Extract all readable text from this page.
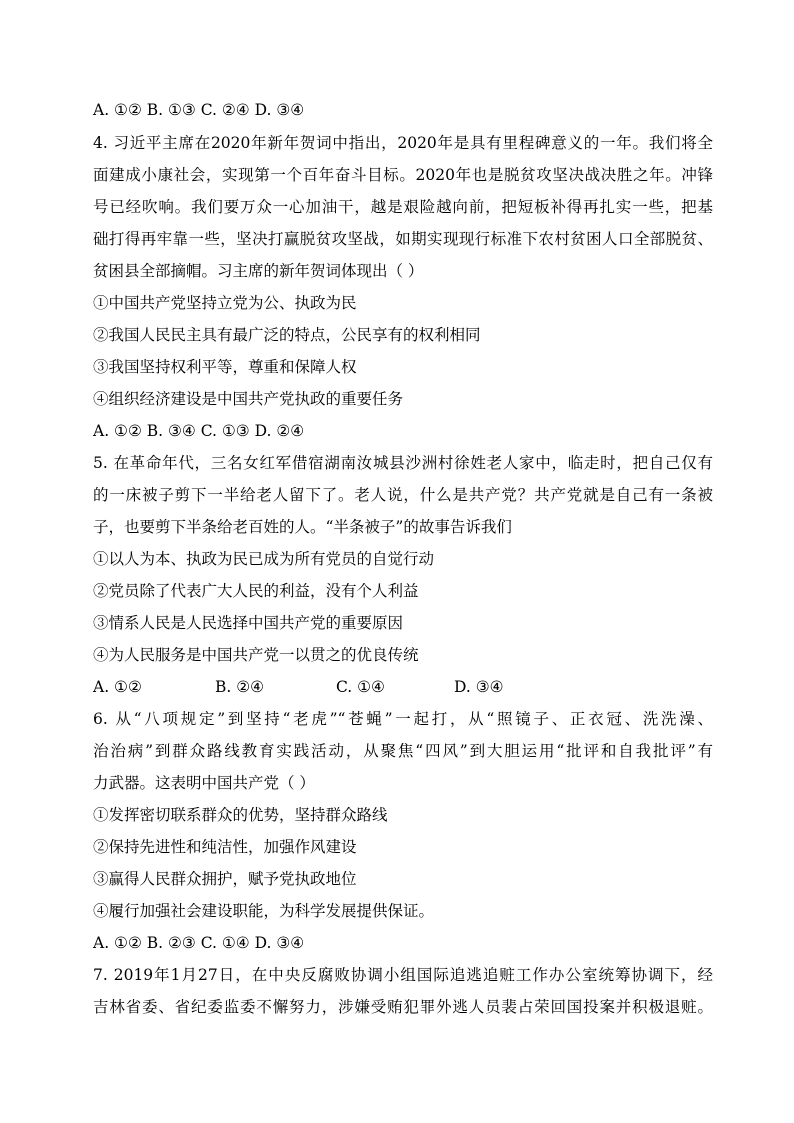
A. ①② B. ①③ C. ②④ D. ③④
4. 习近平主席在2020年新年贺词中指出，2020年是具有里程碑意义的一年。我们将全
面建成小康社会，实现第一个百年奋斗目标。2020年也是脱贫攻坚决战决胜之年。冲锋
号已经吹响。我们要万众一心加油干，越是艰险越向前，把短板补得再扎实一些，把基
础打得再牢靠一些，坚决打赢脱贫攻坚战，如期实现现行标准下农村贫困人口全部脱贫、
贫困县全部摘帽。习主席的新年贺词体现出（ ）
①中国共产党坚持立党为公、执政为民
②我国人民民主具有最广泛的特点，公民享有的权利相同
③我国坚持权利平等，尊重和保障人权
④组织经济建设是中国共产党执政的重要任务
A. ①② B. ③④ C. ①③ D. ②④
5. 在革命年代，三名女红军借宿湖南汝城县沙洲村徐姓老人家中，临走时，把自己仅有
的一床被子剪下一半给老人留下了。老人说，什么是共产党？共产党就是自己有一条被
子，也要剪下半条给老百姓的人。“半条被子”的故事告诉我们
①以人为本、执政为民已成为所有党员的自觉行动
②党员除了代表广大人民的利益，没有个人利益
③情系人民是人民选择中国共产党的重要原因
④为人民服务是中国共产党一以贯之的优良传统
A. ①②	B. ②④	C. ①④	D. ③④
6. 从“八项规定”到坚持“老虎”“苍蝇”一起打，从“照镜子、正衣冠、洗洗澡、
治治病”到群众路线教育实践活动，从聚焦“四风”到大胆运用“批评和自我批评”有
力武器。这表明中国共产党（ ）
①发挥密切联系群众的优势，坚持群众路线
②保持先进性和纯洁性，加强作风建设
③赢得人民群众拥护，赋予党执政地位
④履行加强社会建设职能，为科学发展提供保证。
A. ①② B. ②③ C. ①④ D. ③④
7. 2019年1月27日，在中央反腐败协调小组国际追逃追赃工作办公室统筹协调下，经
吉林省委、省纪委监委不懈努力，涉嫌受贿犯罪外逃人员裴占荣回国投案并积极退赃。
